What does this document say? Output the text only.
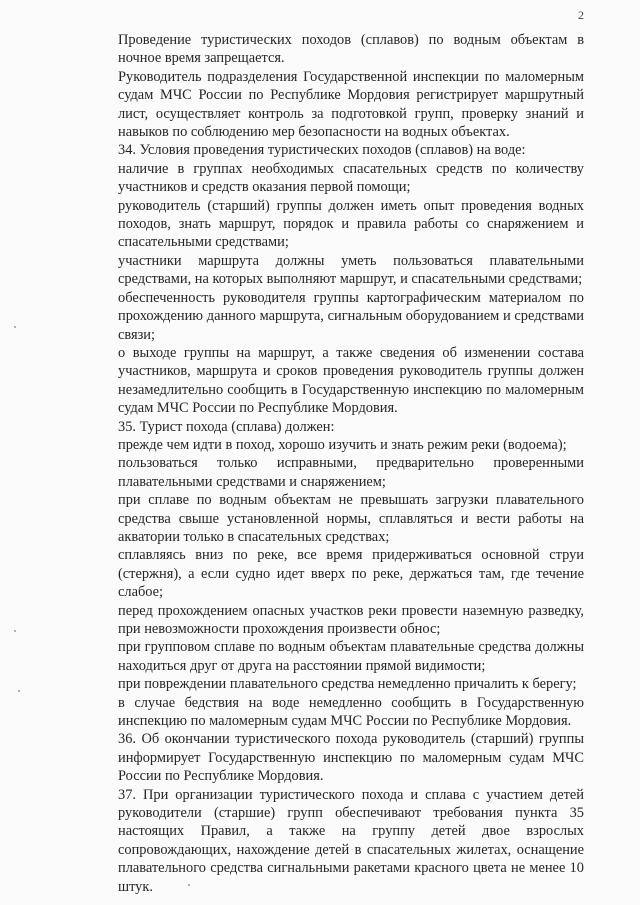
2

Проведение туристических походов (сплавов) по водным объектам в ночное время запрещается.

Руководитель подразделения Государственной инспекции по маломерным судам МЧС России по Республике Мордовия регистрирует маршрутный лист, осуществляет контроль за подготовкой групп, проверку знаний и навыков по соблюдению мер безопасности на водных объектах.

34. Условия проведения туристических походов (сплавов) на воде:

наличие в группах необходимых спасательных средств по количеству участников и средств оказания первой помощи;

руководитель (старший) группы должен иметь опыт проведения водных походов, знать маршрут, порядок и правила работы со снаряжением и спасательными средствами;

участники маршрута должны уметь пользоваться плавательными средствами, на которых выполняют маршрут, и спасательными средствами;

обеспеченность руководителя группы картографическим материалом по прохождению данного маршрута, сигнальным оборудованием и средствами связи;

о выходе группы на маршрут, а также сведения об изменении состава участников, маршрута и сроков проведения руководитель группы должен незамедлительно сообщить в Государственную инспекцию по маломерным судам МЧС России по Республике Мордовия.

35. Турист похода (сплава) должен:

прежде чем идти в поход, хорошо изучить и знать режим реки (водоема);

пользоваться только исправными, предварительно проверенными плавательными средствами и снаряжением;

при сплаве по водным объектам не превышать загрузки плавательного средства свыше установленной нормы, сплавляться и вести работы на акватории только в спасательных средствах;

сплавляясь вниз по реке, все время придерживаться основной струи (стержня), а если судно идет вверх по реке, держаться там, где течение слабое;

перед прохождением опасных участков реки провести наземную разведку, при невозможности прохождения произвести обнос;

при групповом сплаве по водным объектам плавательные средства должны находиться друг от друга на расстоянии прямой видимости;

при повреждении плавательного средства немедленно причалить к берегу;

в случае бедствия на воде немедленно сообщить в Государственную инспекцию по маломерным судам МЧС России по Республике Мордовия.

36. Об окончании туристического похода руководитель (старший) группы информирует Государственную инспекцию по маломерным судам МЧС России по Республике Мордовия.

37. При организации туристического похода и сплава с участием детей руководители (старшие) групп обеспечивают требования пункта 35 настоящих Правил, а также на группу детей двое взрослых сопровождающих, нахождение детей в спасательных жилетах, оснащение плавательного средства сигнальными ракетами красного цвета не менее 10 штук.
